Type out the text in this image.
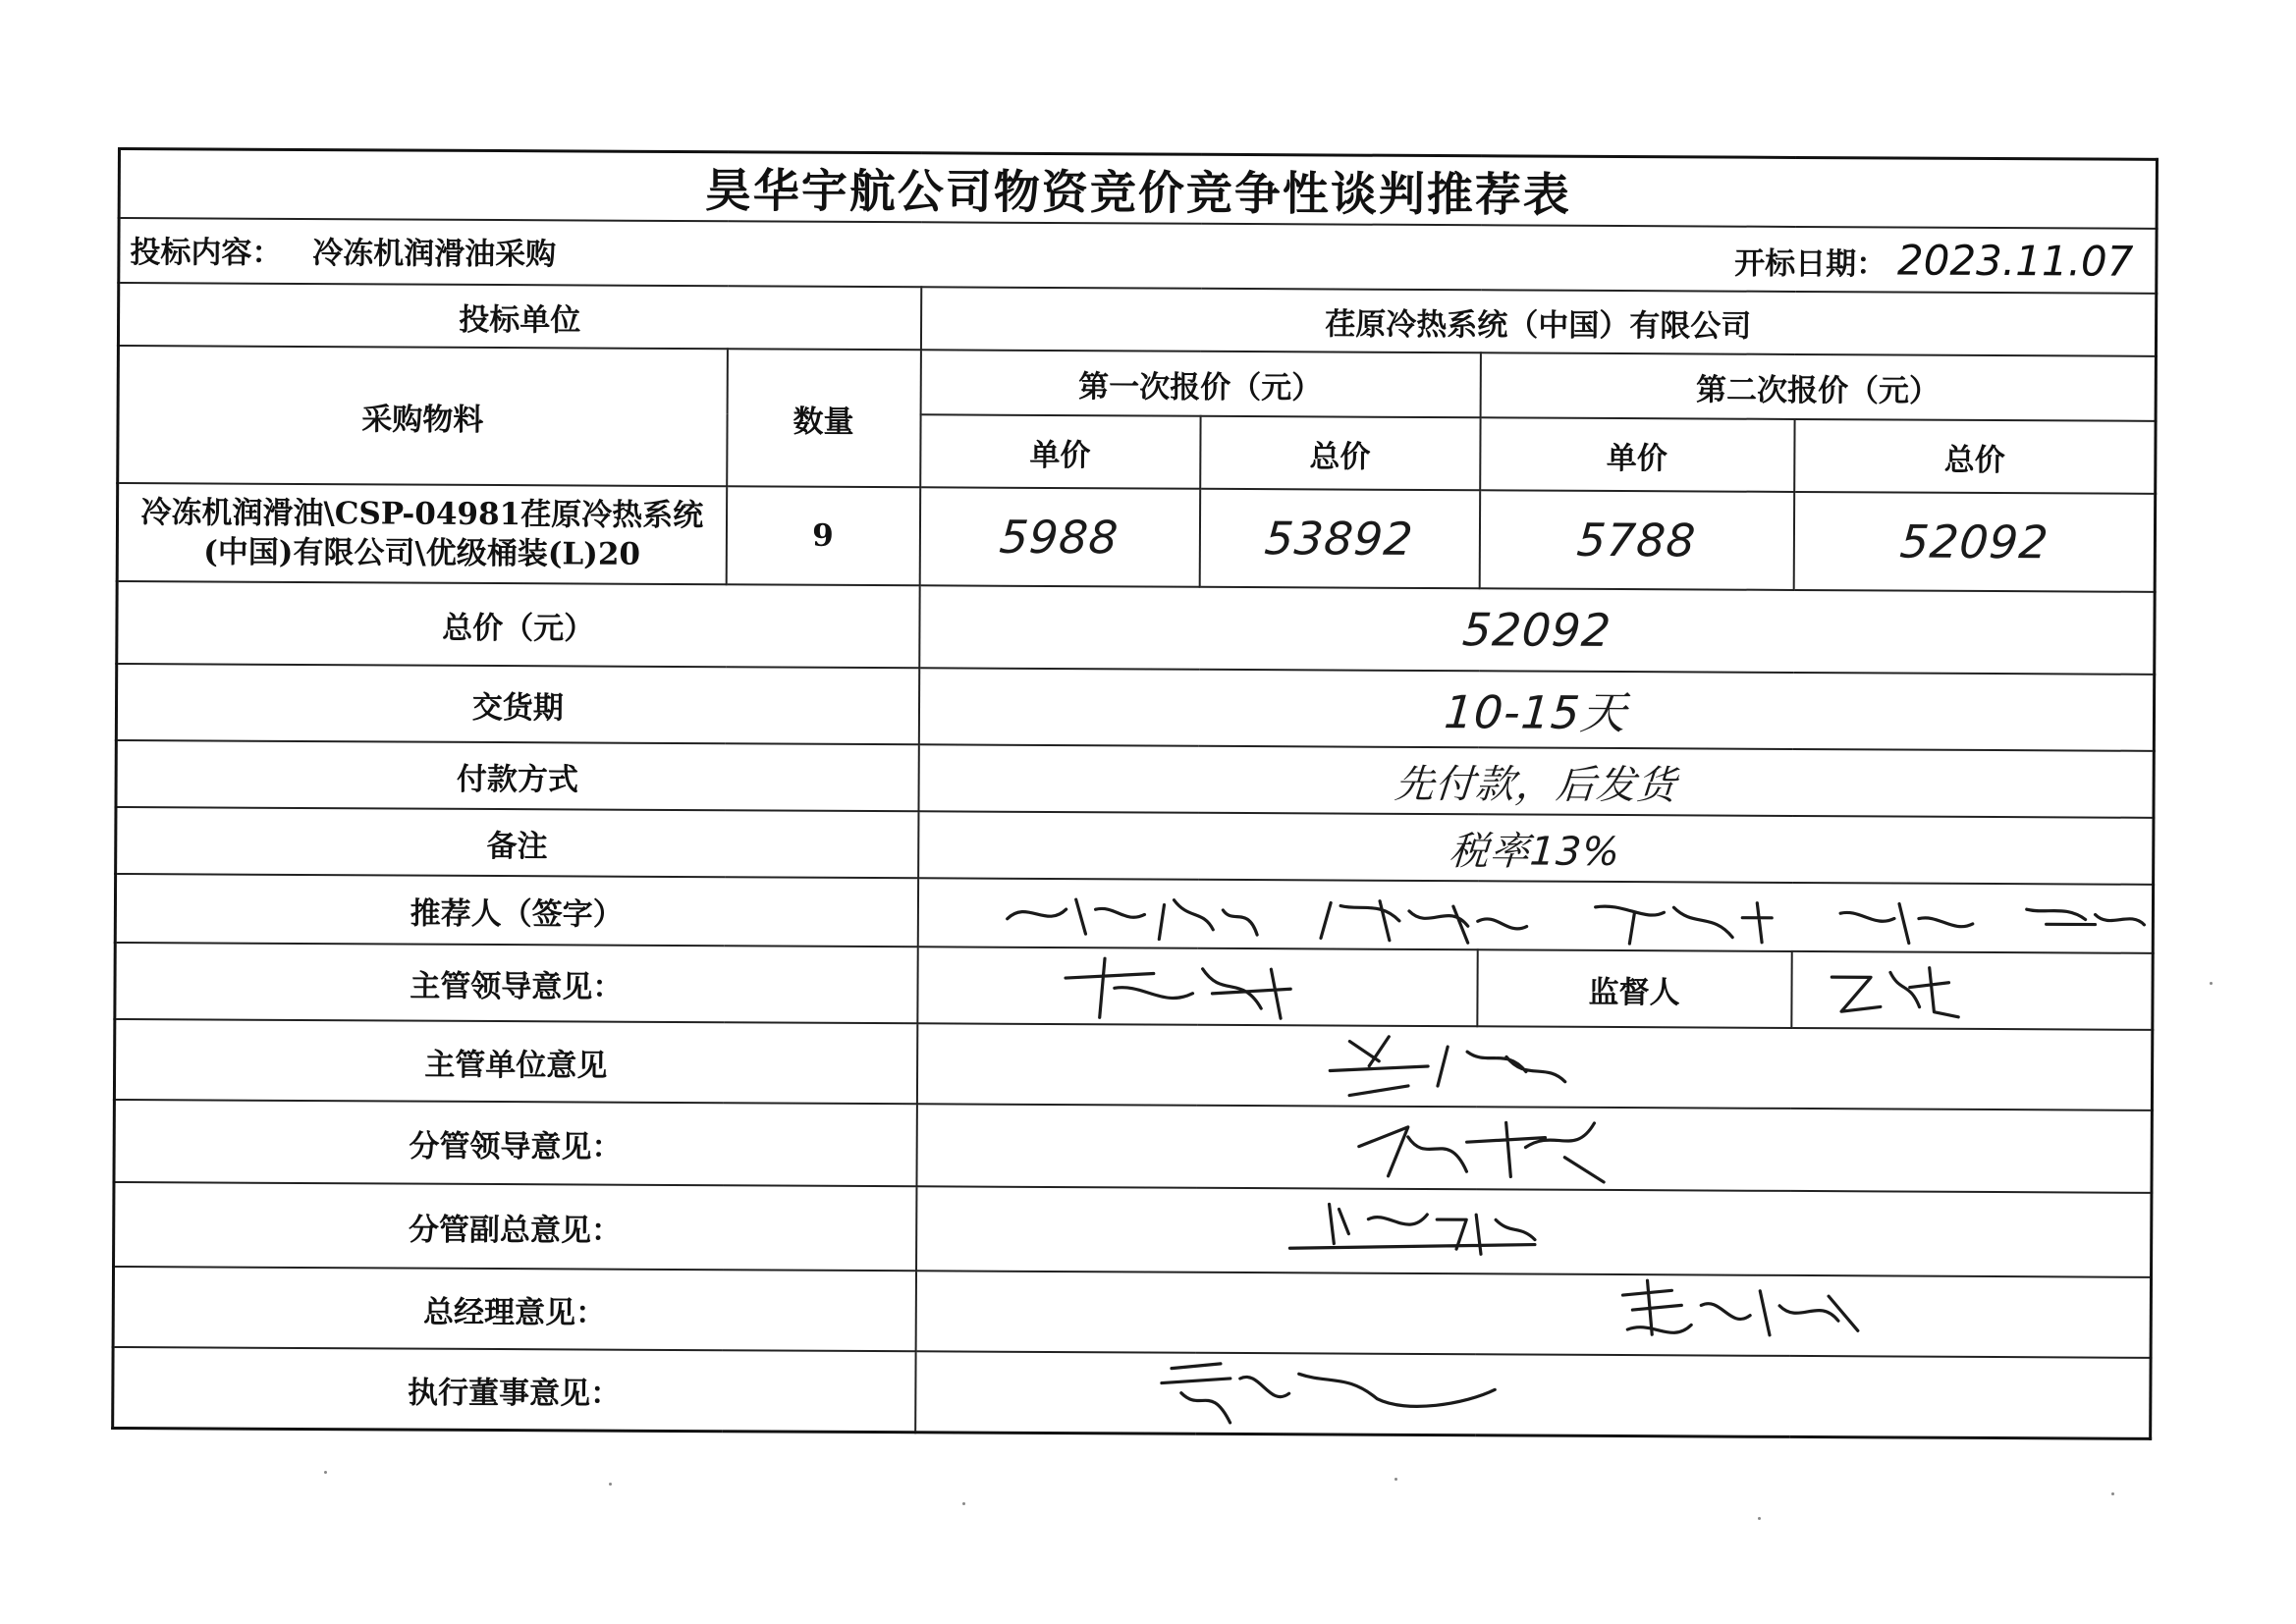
昊华宇航公司物资竞价竞争性谈判推荐表					
投标内容： 冷冻机润滑油采购 开标日期： 2023.11.07					

投标单位		荏原冷热系统（中国）有限公司			
采购物料	数量	第一次报价（元）		第二次报价（元）	
		单价	总价	单价	总价

冷冻机润滑油\CSP-04981荏原冷热系统
(中国)有限公司\优级桶装(L)20	9	5988	53892	5788	52092
总价（元）		52092			
交货期		10-15天			
付款方式		先付款，后发货			
备注		税率13%			
推荐人（签字）	

主管领导意见：				监督人	

主管单位意见	

分管领导意见：	

分管副总意见：	

总经理意见：	

执行董事意见：	
